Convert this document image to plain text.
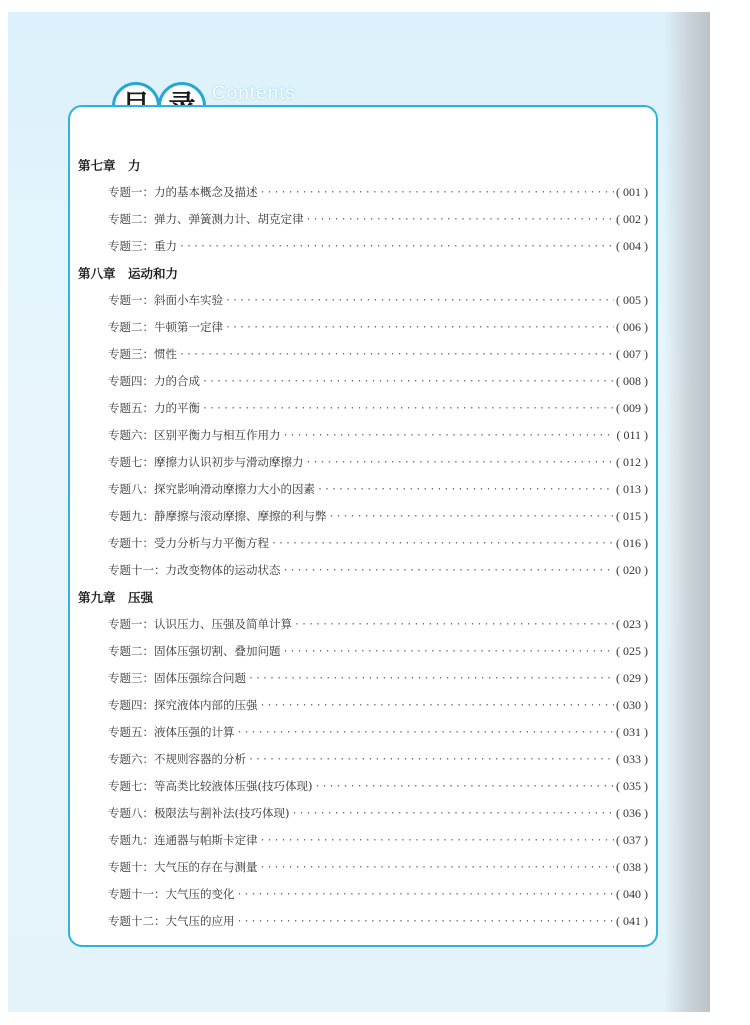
Contents
第七章　力
专题一：力的基本概念及描述 ·····	( 001 )
专题二：弹力、弹簧测力计、胡克定律 ·····	( 002 )
专题三：重力 ·····	( 004 )
第八章　运动和力
专题一：斜面小车实验 ·····	( 005 )
专题二：牛顿第一定律 ·····	( 006 )
专题三：惯性 ·····	( 007 )
专题四：力的合成 ·····	( 008 )
专题五：力的平衡 ·····	( 009 )
专题六：区别平衡力与相互作用力 ·····	( 011 )
专题七：摩擦力认识初步与滑动摩擦力 ·····	( 012 )
专题八：探究影响滑动摩擦力大小的因素 ·····	( 013 )
专题九：静摩擦与滚动摩擦、摩擦的利与弊 ·····	( 015 )
专题十：受力分析与力平衡方程 ·····	( 016 )
专题十一：力改变物体的运动状态 ·····	( 020 )
第九章　压强
专题一：认识压力、压强及简单计算 ·····	( 023 )
专题二：固体压强切割、叠加问题 ·····	( 025 )
专题三：固体压强综合问题 ·····	( 029 )
专题四：探究液体内部的压强 ·····	( 030 )
专题五：液体压强的计算 ·····	( 031 )
专题六：不规则容器的分析 ·····	( 033 )
专题七：等高类比较液体压强(技巧体现) ·····	( 035 )
专题八：极限法与割补法(技巧体现) ·····	( 036 )
专题九：连通器与帕斯卡定律 ·····	( 037 )
专题十：大气压的存在与测量 ·····	( 038 )
专题十一：大气压的变化 ·····	( 040 )
专题十二：大气压的应用 ·····	( 041 )
